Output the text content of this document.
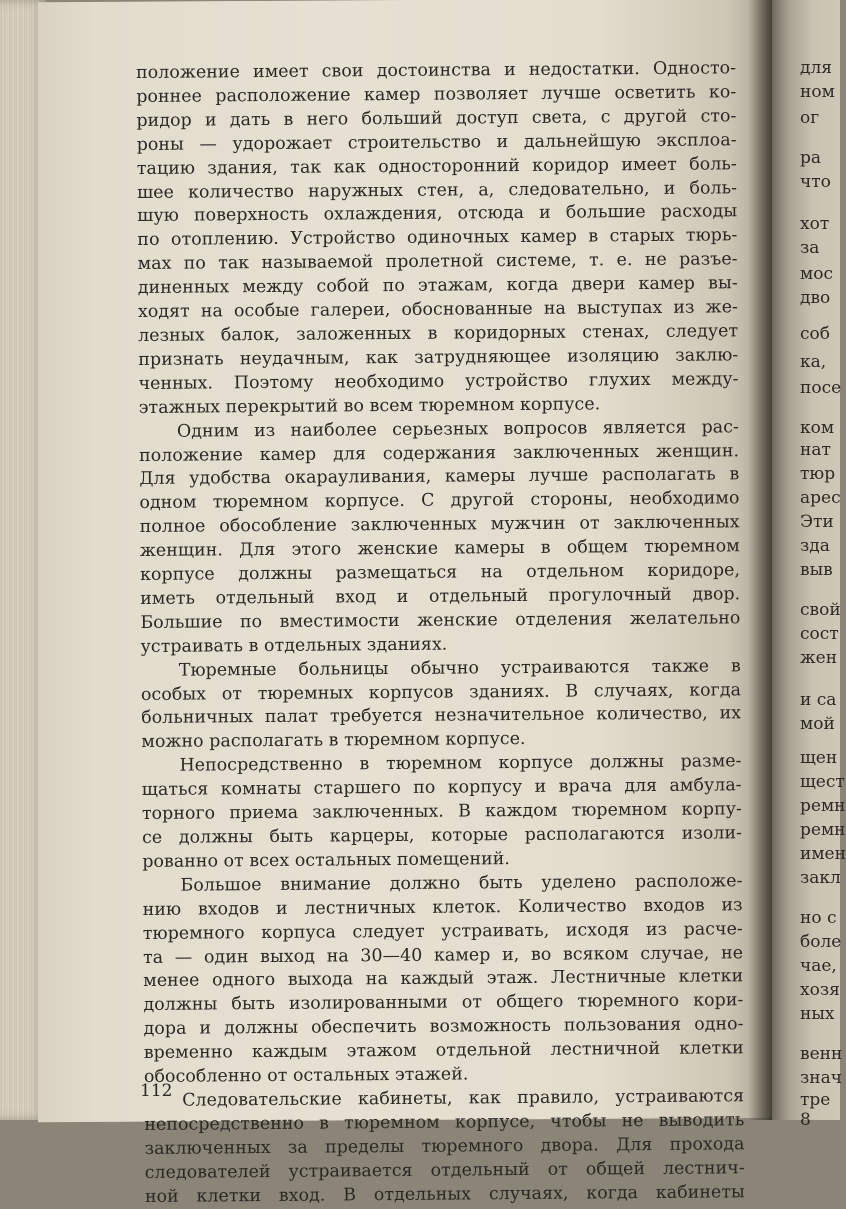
для
ном
ог
ра
что
хот
за
мос
дво
соб
ка,
посе
ком
нат
тюр
арес
Эти
зда
выв
свой
сост
жен
и са
мой
щен
щест
ремн
ремн
имен
закл
но с
боле
чае,
хозя
ных
венн
знач
тре
8
положение имеет свои достоинства и недостатки. Односто-
роннее расположение камер позволяет лучше осветить ко-
ридор и дать в него больший доступ света, с другой сто-
роны — удорожает строительство и дальнейшую эксплоа-
тацию здания, так как односторонний коридор имеет боль-
шее количество наружных стен, а, следовательно, и боль-
шую поверхность охлаждения, отсюда и большие расходы
по отоплению. Устройство одиночных камер в старых тюрь-
мах по так называемой пролетной системе, т. е. не разъе-
диненных между собой по этажам, когда двери камер вы-
ходят на особые галереи, обоснованные на выступах из же-
лезных балок, заложенных в коридорных стенах, следует
признать неудачным, как затрудняющее изоляцию заклю-
ченных. Поэтому необходимо устройство глухих между-
этажных перекрытий во всем тюремном корпусе.
Одним из наиболее серьезных вопросов является рас-
положение камер для содержания заключенных женщин.
Для удобства окарауливания, камеры лучше располагать в
одном тюремном корпусе. С другой стороны, необходимо
полное обособление заключенных мужчин от заключенных
женщин. Для этого женские камеры в общем тюремном
корпусе должны размещаться на отдельном коридоре,
иметь отдельный вход и отдельный прогулочный двор.
Большие по вместимости женские отделения желательно
устраивать в отдельных зданиях.
Тюремные больницы обычно устраиваются также в
особых от тюремных корпусов зданиях. В случаях, когда
больничных палат требуется незначительное количество, их
можно располагать в тюремном корпусе.
Непосредственно в тюремном корпусе должны разме-
щаться комнаты старшего по корпусу и врача для амбула-
торного приема заключенных. В каждом тюремном корпу-
се должны быть карцеры, которые располагаются изоли-
рованно от всех остальных помещений.
Большое внимание должно быть уделено расположе-
нию входов и лестничных клеток. Количество входов из
тюремного корпуса следует устраивать, исходя из расче-
та — один выход на 30—40 камер и, во всяком случае, не
менее одного выхода на каждый этаж. Лестничные клетки
должны быть изолированными от общего тюремного кори-
дора и должны обеспечить возможность пользования одно-
временно каждым этажом отдельной лестничной клетки
обособленно от остальных этажей.
Следовательские кабинеты, как правило, устраиваются
непосредственно в тюремном корпусе, чтобы не выводить
заключенных за пределы тюремного двора. Для прохода
следователей устраивается отдельный от общей лестнич-
ной клетки вход. В отдельных случаях, когда кабинеты
112
